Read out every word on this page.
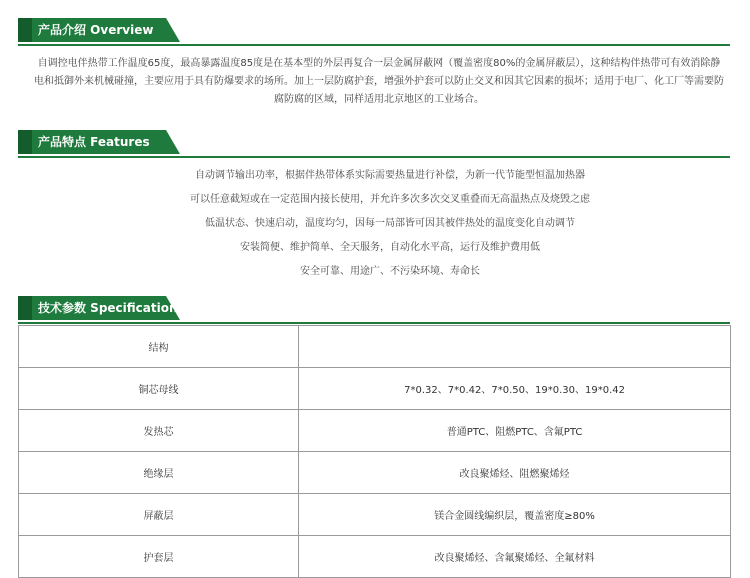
产品介绍 Overview
自调控电伴热带工作温度65度，最高暴露温度85度是在基本型的外层再复合一层金属屏蔽网（覆盖密度80%的金属屏蔽层），这种结构伴热带可有效消除静电和抵御外来机械碰撞，主要应用于具有防爆要求的场所。加上一层防腐护套，增强外护套可以防止交叉和因其它因素的损坏；适用于电厂、化工厂等需要防腐防腐的区域，同样适用北京地区的工业场合。
产品特点 Features
自动调节输出功率，根据伴热带体系实际需要热量进行补偿，为新一代节能型恒温加热器
可以任意截短或在一定范围内接长使用，并允许多次多次交叉重叠而无高温热点及烧毁之虑
低温状态、快速启动，温度均匀，因每一局部皆可因其被伴热处的温度变化自动调节
安装简便、维护简单、全天服务，自动化水平高，运行及维护费用低
安全可靠、用途广、不污染环境、寿命长
技术参数 Specifications
结构	
铜芯母线	7*0.32、7*0.42、7*0.50、19*0.30、19*0.42
发热芯	普通PTC、阻燃PTC、含氟PTC
绝缘层	改良聚烯烃、阻燃聚烯烃
屏蔽层	镁合金圆线编织层，覆盖密度≥80%
护套层	改良聚烯烃、含氟聚烯烃、全氟材料
